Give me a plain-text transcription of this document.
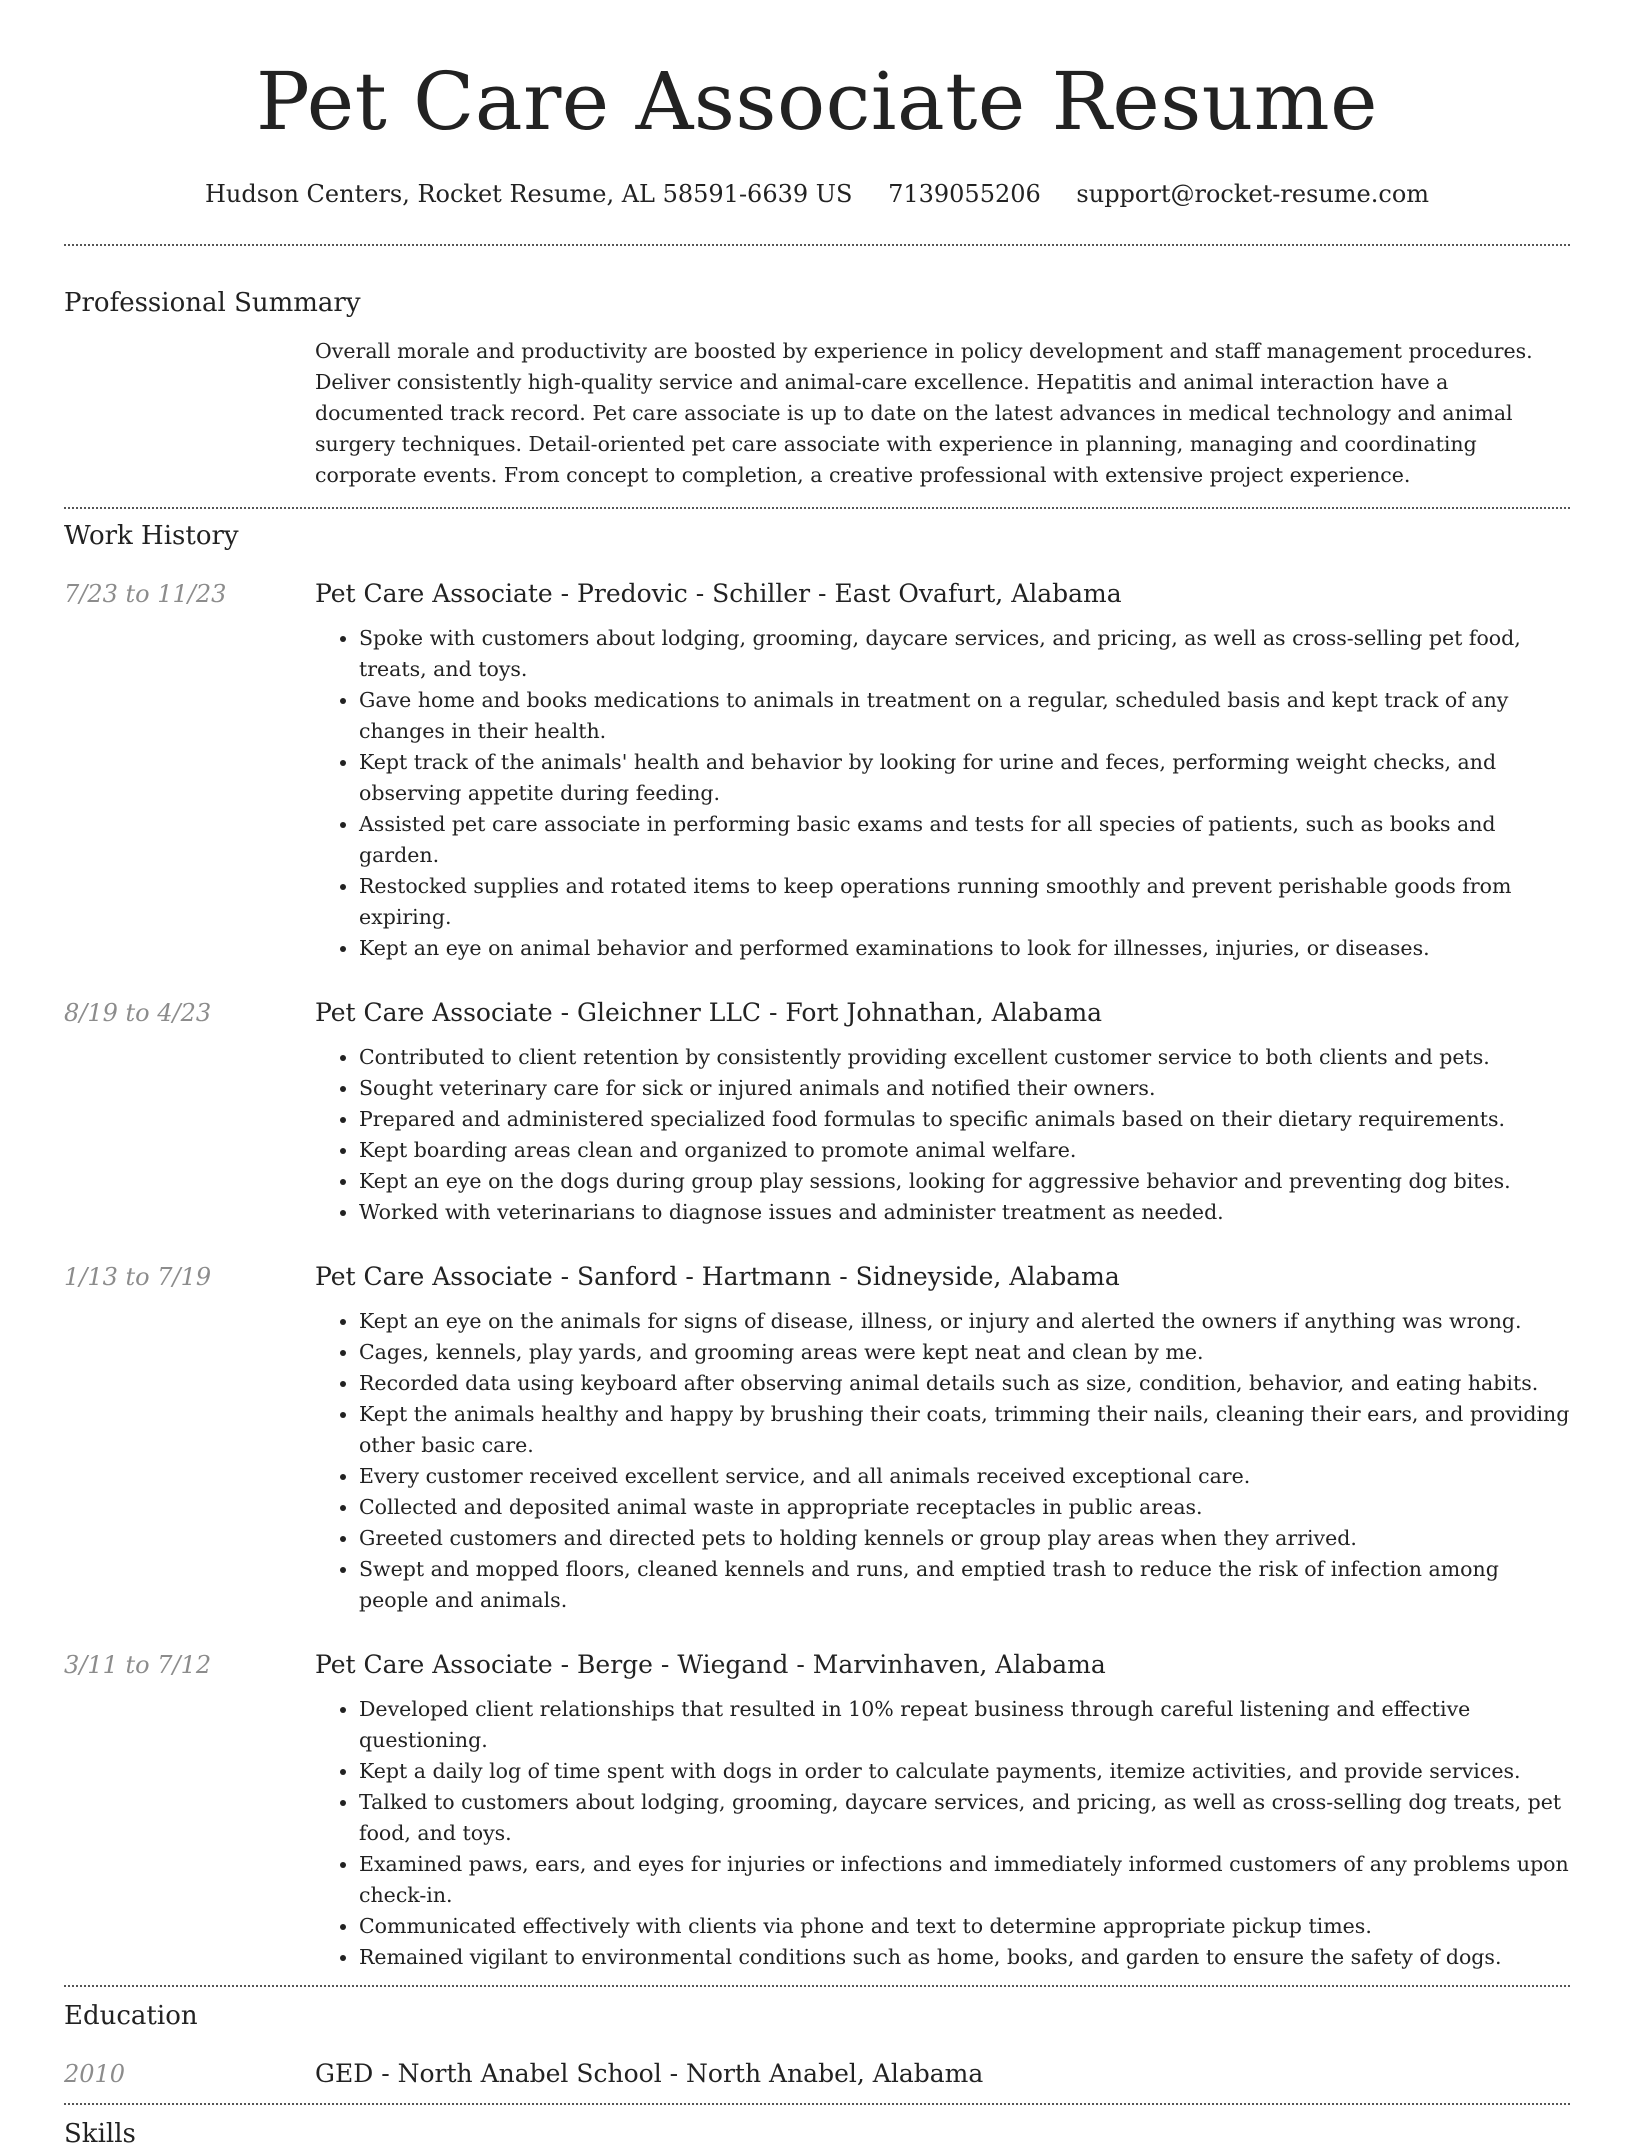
Pet Care Associate Resume
Hudson Centers, Rocket Resume, AL 58591-6639 US 7139055206 support@rocket-resume.com
Professional Summary
Overall morale and productivity are boosted by experience in policy development and staff management procedures. Deliver consistently high-quality service and animal-care excellence. Hepatitis and animal interaction have a documented track record. Pet care associate is up to date on the latest advances in medical technology and animal surgery techniques. Detail-oriented pet care associate with experience in planning, managing and coordinating corporate events. From concept to completion, a creative professional with extensive project experience.
Work History
7/23 to 11/23	Pet Care Associate - Predovic - Schiller - East Ovafurt, Alabama
• Spoke with customers about lodging, grooming, daycare services, and pricing, as well as cross-selling pet food, treats, and toys.
• Gave home and books medications to animals in treatment on a regular, scheduled basis and kept track of any changes in their health.
• Kept track of the animals' health and behavior by looking for urine and feces, performing weight checks, and observing appetite during feeding.
• Assisted pet care associate in performing basic exams and tests for all species of patients, such as books and garden.
• Restocked supplies and rotated items to keep operations running smoothly and prevent perishable goods from expiring.
• Kept an eye on animal behavior and performed examinations to look for illnesses, injuries, or diseases.
8/19 to 4/23	Pet Care Associate - Gleichner LLC - Fort Johnathan, Alabama
• Contributed to client retention by consistently providing excellent customer service to both clients and pets.
• Sought veterinary care for sick or injured animals and notified their owners.
• Prepared and administered specialized food formulas to specific animals based on their dietary requirements.
• Kept boarding areas clean and organized to promote animal welfare.
• Kept an eye on the dogs during group play sessions, looking for aggressive behavior and preventing dog bites.
• Worked with veterinarians to diagnose issues and administer treatment as needed.
1/13 to 7/19	Pet Care Associate - Sanford - Hartmann - Sidneyside, Alabama
• Kept an eye on the animals for signs of disease, illness, or injury and alerted the owners if anything was wrong.
• Cages, kennels, play yards, and grooming areas were kept neat and clean by me.
• Recorded data using keyboard after observing animal details such as size, condition, behavior, and eating habits.
• Kept the animals healthy and happy by brushing their coats, trimming their nails, cleaning their ears, and providing other basic care.
• Every customer received excellent service, and all animals received exceptional care.
• Collected and deposited animal waste in appropriate receptacles in public areas.
• Greeted customers and directed pets to holding kennels or group play areas when they arrived.
• Swept and mopped floors, cleaned kennels and runs, and emptied trash to reduce the risk of infection among people and animals.
3/11 to 7/12	Pet Care Associate - Berge - Wiegand - Marvinhaven, Alabama
• Developed client relationships that resulted in 10% repeat business through careful listening and effective questioning.
• Kept a daily log of time spent with dogs in order to calculate payments, itemize activities, and provide services.
• Talked to customers about lodging, grooming, daycare services, and pricing, as well as cross-selling dog treats, pet food, and toys.
• Examined paws, ears, and eyes for injuries or infections and immediately informed customers of any problems upon check-in.
• Communicated effectively with clients via phone and text to determine appropriate pickup times.
• Remained vigilant to environmental conditions such as home, books, and garden to ensure the safety of dogs.
Education
2010	GED - North Anabel School - North Anabel, Alabama
Skills
